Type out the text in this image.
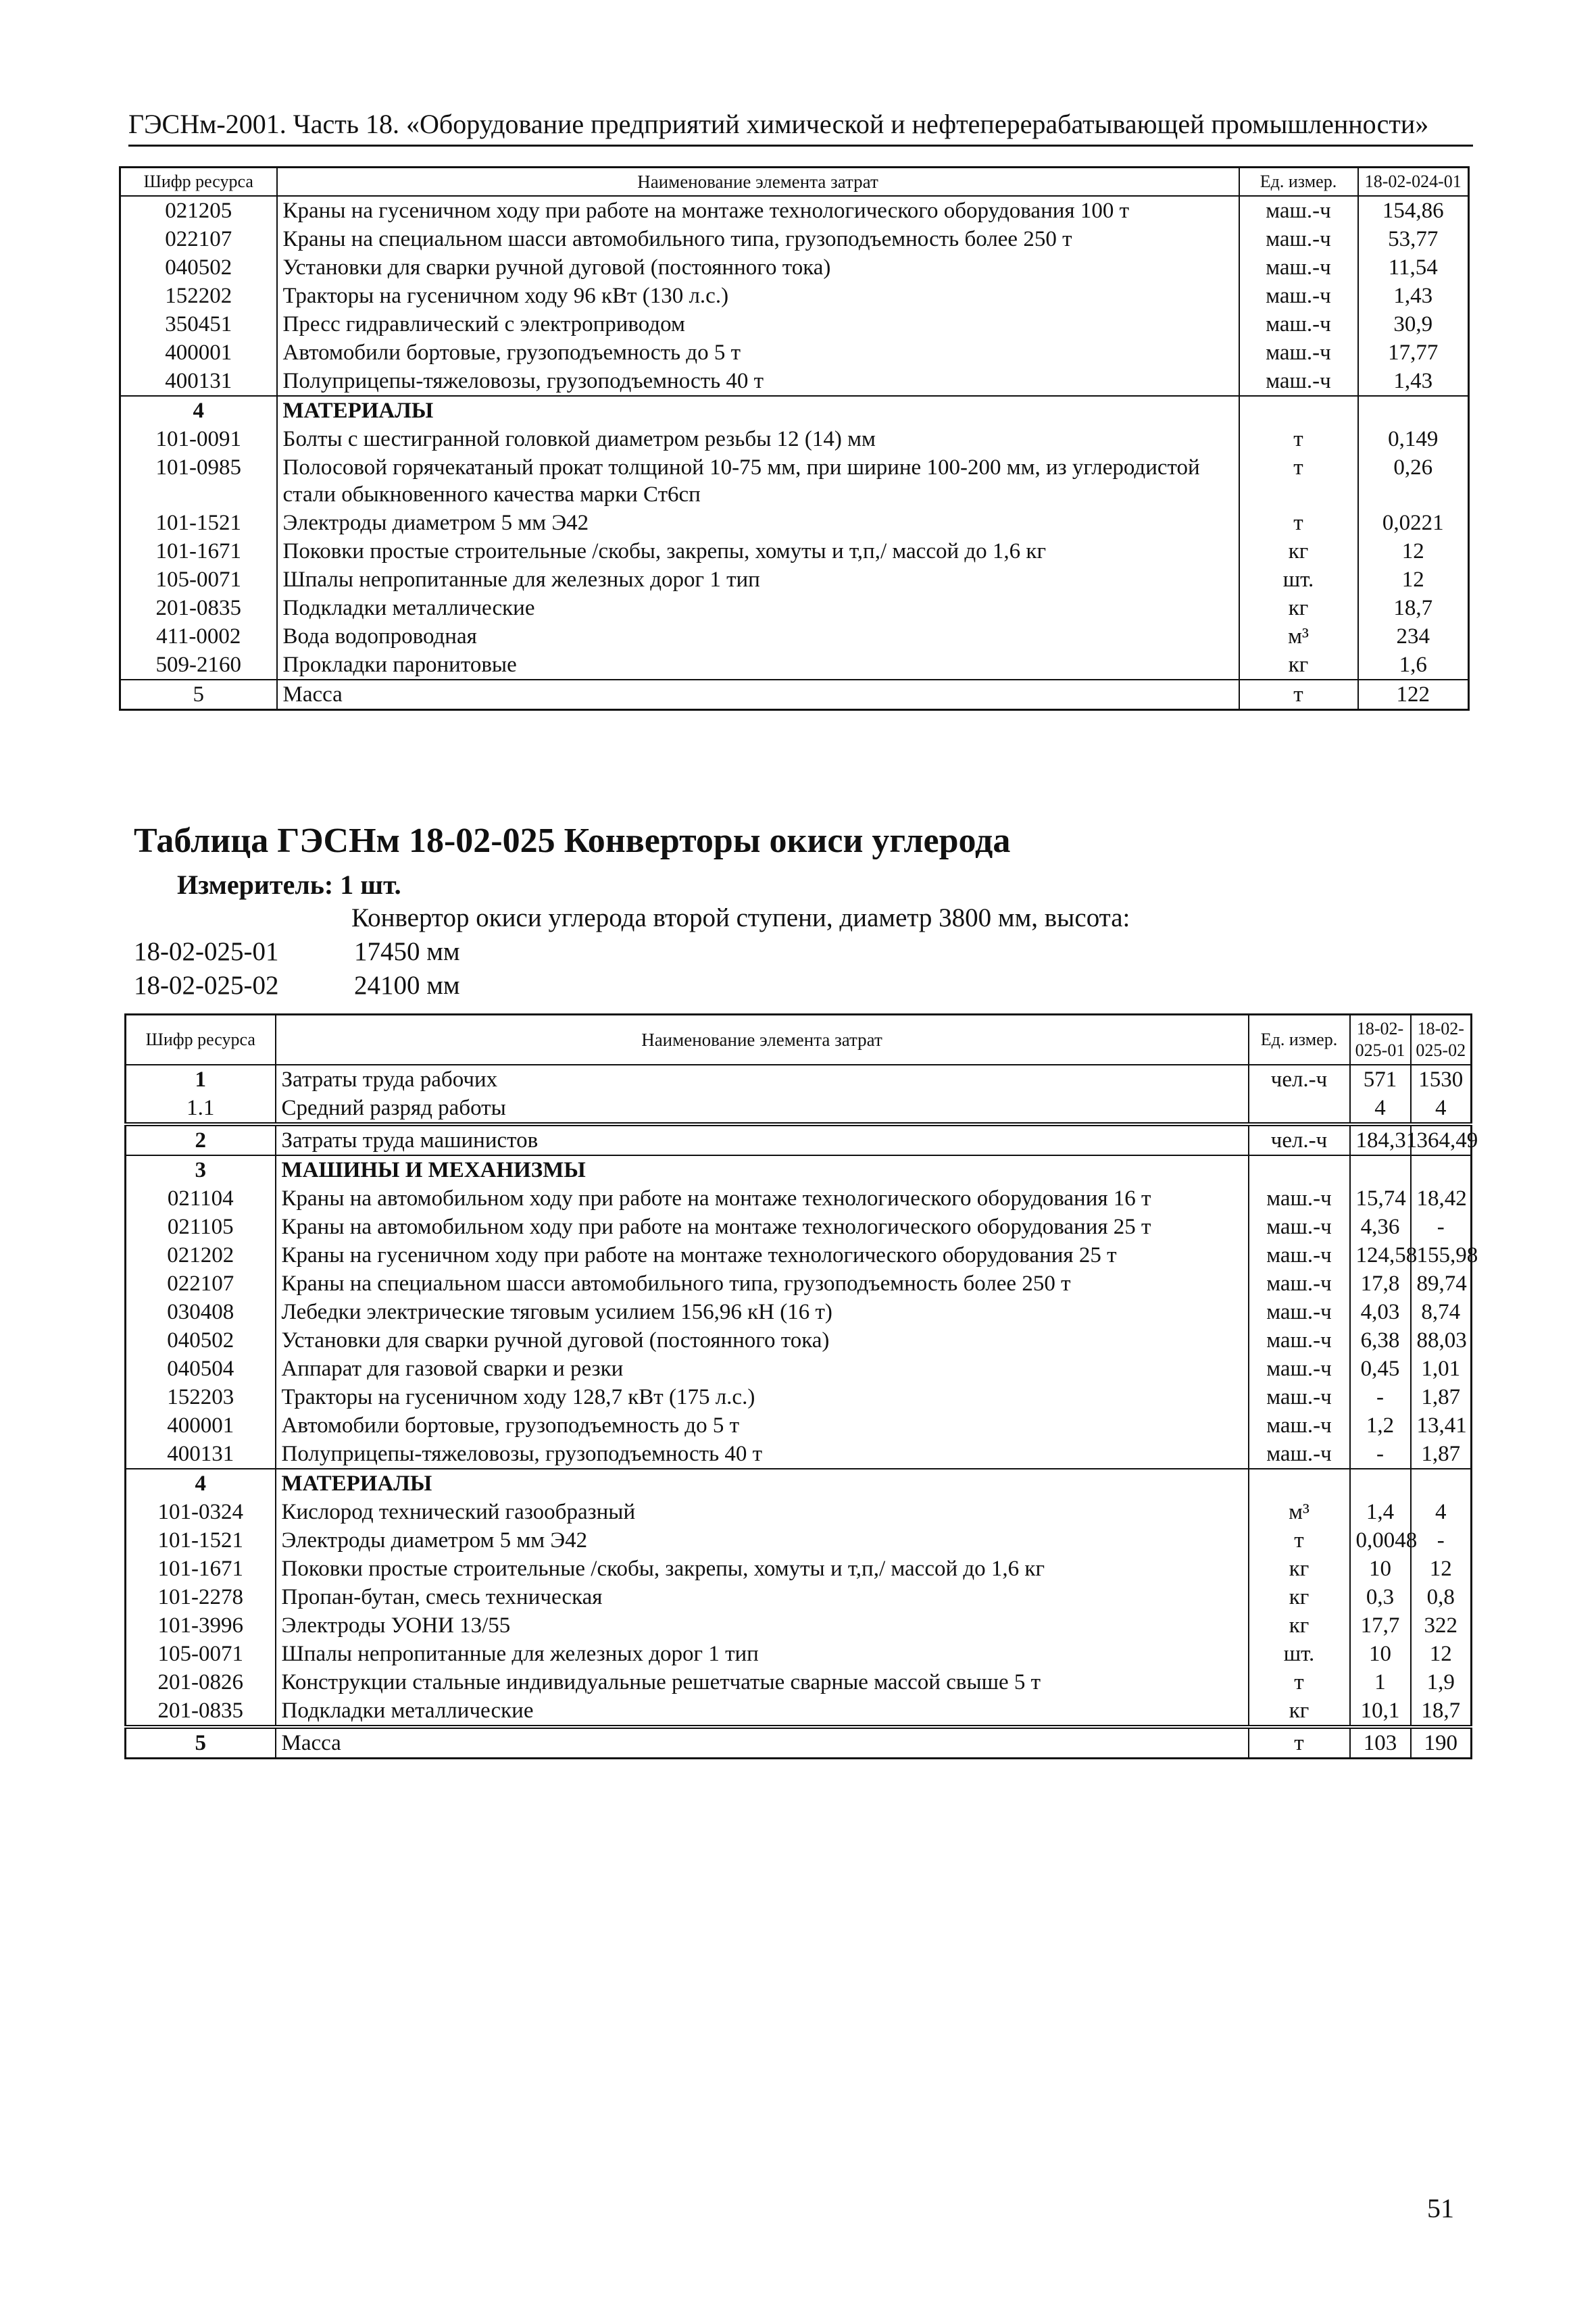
ГЭСНм-2001. Часть 18. «Оборудование предприятий химической и нефтеперерабатывающей промышленности»
Шифр ресурса	Наименование элемента затрат	Ед. измер.	18-02-024-01
021205	Краны на гусеничном ходу при работе на монтаже технологического оборудования 100 т	маш.-ч	154,86
022107	Краны на специальном шасси автомобильного типа, грузоподъемность более 250 т	маш.-ч	53,77
040502	Установки для сварки ручной дуговой (постоянного тока)	маш.-ч	11,54
152202	Тракторы на гусеничном ходу 96 кВт (130 л.с.)	маш.-ч	1,43
350451	Пресс гидравлический с электроприводом	маш.-ч	30,9
400001	Автомобили бортовые, грузоподъемность до 5 т	маш.-ч	17,77
400131	Полуприцепы-тяжеловозы, грузоподъемность 40 т	маш.-ч	1,43
4	МАТЕРИАЛЫ		
101-0091	Болты с шестигранной головкой диаметром резьбы 12 (14) мм	т	0,149
101-0985	Полосовой горячекатаный прокат толщиной 10-75 мм, при ширине 100-200 мм, из углеродистой стали обыкновенного качества марки Ст6сп	т	0,26
101-1521	Электроды диаметром 5 мм Э42	т	0,0221
101-1671	Поковки простые строительные /скобы, закрепы, хомуты и т,п,/ массой до 1,6 кг	кг	12
105-0071	Шпалы непропитанные для железных дорог 1 тип	шт.	12
201-0835	Подкладки металлические	кг	18,7
411-0002	Вода водопроводная	м³	234
509-2160	Прокладки паронитовые	кг	1,6
5	Масса	т	122
Таблица ГЭСНм 18-02-025 Конверторы окиси углерода
Измеритель: 1 шт.
Конвертор окиси углерода второй ступени, диаметр 3800 мм, высота:
18-02-025-01	17450 мм
18-02-025-02	24100 мм
Шифр ресурса	Наименование элемента затрат	Ед. измер.	18-02-025-01	18-02-025-02
1	Затраты труда рабочих	чел.-ч	571	1530
1.1	Средний разряд работы		4	4
2	Затраты труда машинистов	чел.-ч	184,31	364,49
3	МАШИНЫ И МЕХАНИЗМЫ			
021104	Краны на автомобильном ходу при работе на монтаже технологического оборудования 16 т	маш.-ч	15,74	18,42
021105	Краны на автомобильном ходу при работе на монтаже технологического оборудования 25 т	маш.-ч	4,36	-
021202	Краны на гусеничном ходу при работе на монтаже технологического оборудования 25 т	маш.-ч	124,58	155,98
022107	Краны на специальном шасси автомобильного типа, грузоподъемность более 250 т	маш.-ч	17,8	89,74
030408	Лебедки электрические тяговым усилием 156,96 кН (16 т)	маш.-ч	4,03	8,74
040502	Установки для сварки ручной дуговой (постоянного тока)	маш.-ч	6,38	88,03
040504	Аппарат для газовой сварки и резки	маш.-ч	0,45	1,01
152203	Тракторы на гусеничном ходу 128,7 кВт (175 л.с.)	маш.-ч	-	1,87
400001	Автомобили бортовые, грузоподъемность до 5 т	маш.-ч	1,2	13,41
400131	Полуприцепы-тяжеловозы, грузоподъемность 40 т	маш.-ч	-	1,87
4	МАТЕРИАЛЫ			
101-0324	Кислород технический газообразный	м³	1,4	4
101-1521	Электроды диаметром 5 мм Э42	т	0,0048	-
101-1671	Поковки простые строительные /скобы, закрепы, хомуты и т,п,/ массой до 1,6 кг	кг	10	12
101-2278	Пропан-бутан, смесь техническая	кг	0,3	0,8
101-3996	Электроды УОНИ 13/55	кг	17,7	322
105-0071	Шпалы непропитанные для железных дорог 1 тип	шт.	10	12
201-0826	Конструкции стальные индивидуальные решетчатые сварные массой свыше 5 т	т	1	1,9
201-0835	Подкладки металлические	кг	10,1	18,7
5	Масса	т	103	190
51
